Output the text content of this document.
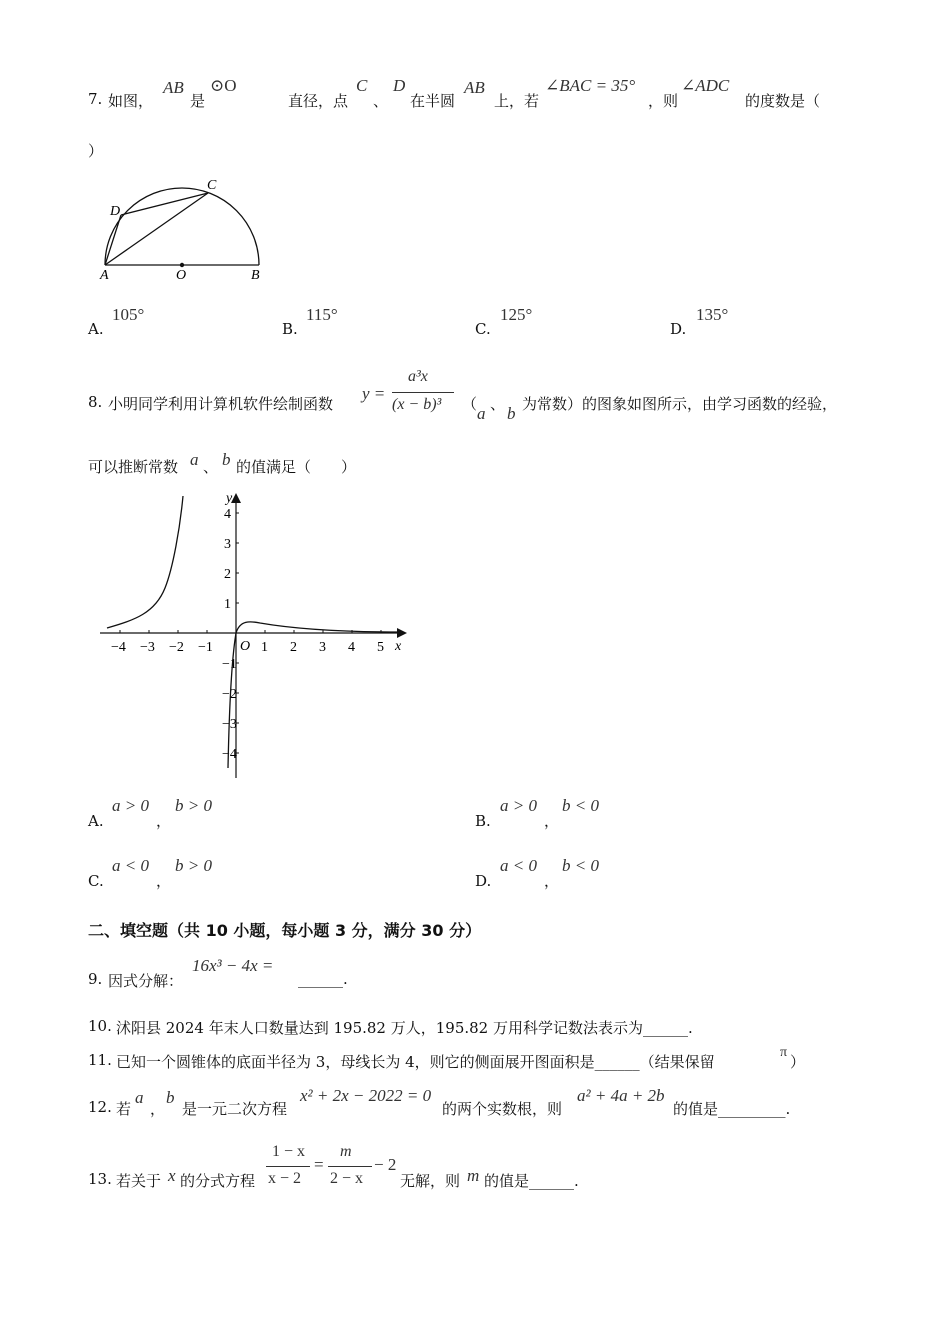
7. 如图，
AB
是
⊙O
直径，点
C
、
D
在半圆
AB
上，若
∠BAC = 35°
，则
∠ADC
的度数是（
）
A	O	B
C
D
A.
105°
B.
115°
C.
125°
D.
135°
8. 小明同学利用计算机软件绘制函数
y =
a³x
(x − b)³ （ a 、 b 为常数）的图象如图所示，由学习函数的经验，
可以推断常数 a 、 b 的值满足（　　）
−4 −3 −2 −1	1 2 3 4 5
4
3
2
1
−1
−2
−3
−4
x
y
O
A.
a > 0
，
b > 0
B.
a > 0
，
b < 0
C.
a < 0
，
b > 0
D.
a < 0
，
b < 0
二、填空题（共 10 小题，每小题 3 分，满分 30 分）
9. 因式分解：
16x³ − 4x =
______.
10. 沭阳县 2024 年末人口数量达到 195.82 万人，195.82 万用科学记数法表示为______.
11. 已知一个圆锥体的底面半径为 3，母线长为 4，则它的侧面展开图面积是______（结果保留
π
）
12. 若
a
，
b
是一元二次方程
x² + 2x − 2022 = 0
的两个实数根，则
a² + 4a + 2b
的值是_________.
13. 若关于 x 的分式方程
1 − x
x − 2
=
m
2 − x
− 2
无解，则 m 的值是______.
